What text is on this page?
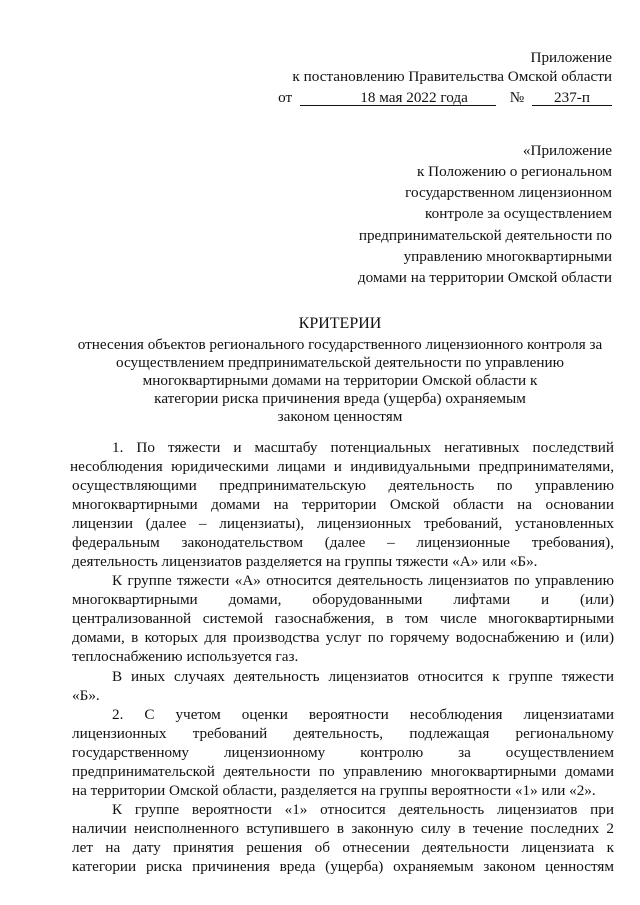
Приложение
к постановлению Правительства Омской области
от	18 мая 2022 года	№ 237-п
«Приложение
к Положению о региональном
государственном лицензионном
контроле за осуществлением
предпринимательской деятельности по
управлению многоквартирными
домами на территории Омской области
КРИТЕРИИ
отнесения объектов регионального государственного лицензионного контроля за
осуществлением предпринимательской деятельности по управлению
многоквартирными домами на территории Омской области к
категории риска причинения вреда (ущерба) охраняемым
законом ценностям
1. По тяжести и масштабу потенциальных негативных последствий
несоблюдения юридическими лицами и индивидуальными предпринимателями,
осуществляющими предпринимательскую деятельность по управлению
многоквартирными домами на территории Омской области на основании
лицензии (далее – лицензиаты), лицензионных требований, установленных
федеральным законодательством (далее – лицензионные требования),
деятельность лицензиатов разделяется на группы тяжести «А» или «Б».
К группе тяжести «А» относится деятельность лицензиатов по управлению
многоквартирными домами, оборудованными лифтами и (или)
централизованной системой газоснабжения, в том числе многоквартирными
домами, в которых для производства услуг по горячему водоснабжению и (или)
теплоснабжению используется газ.
В иных случаях деятельность лицензиатов относится к группе тяжести
«Б».
2. С учетом оценки вероятности несоблюдения лицензиатами
лицензионных требований деятельность, подлежащая региональному
государственному лицензионному контролю за осуществлением
предпринимательской деятельности по управлению многоквартирными домами
на территории Омской области, разделяется на группы вероятности «1» или «2».
К группе вероятности «1» относится деятельность лицензиатов при
наличии неисполненного вступившего в законную силу в течение последних 2
лет на дату принятия решения об отнесении деятельности лицензиата к
категории риска причинения вреда (ущерба) охраняемым законом ценностям
